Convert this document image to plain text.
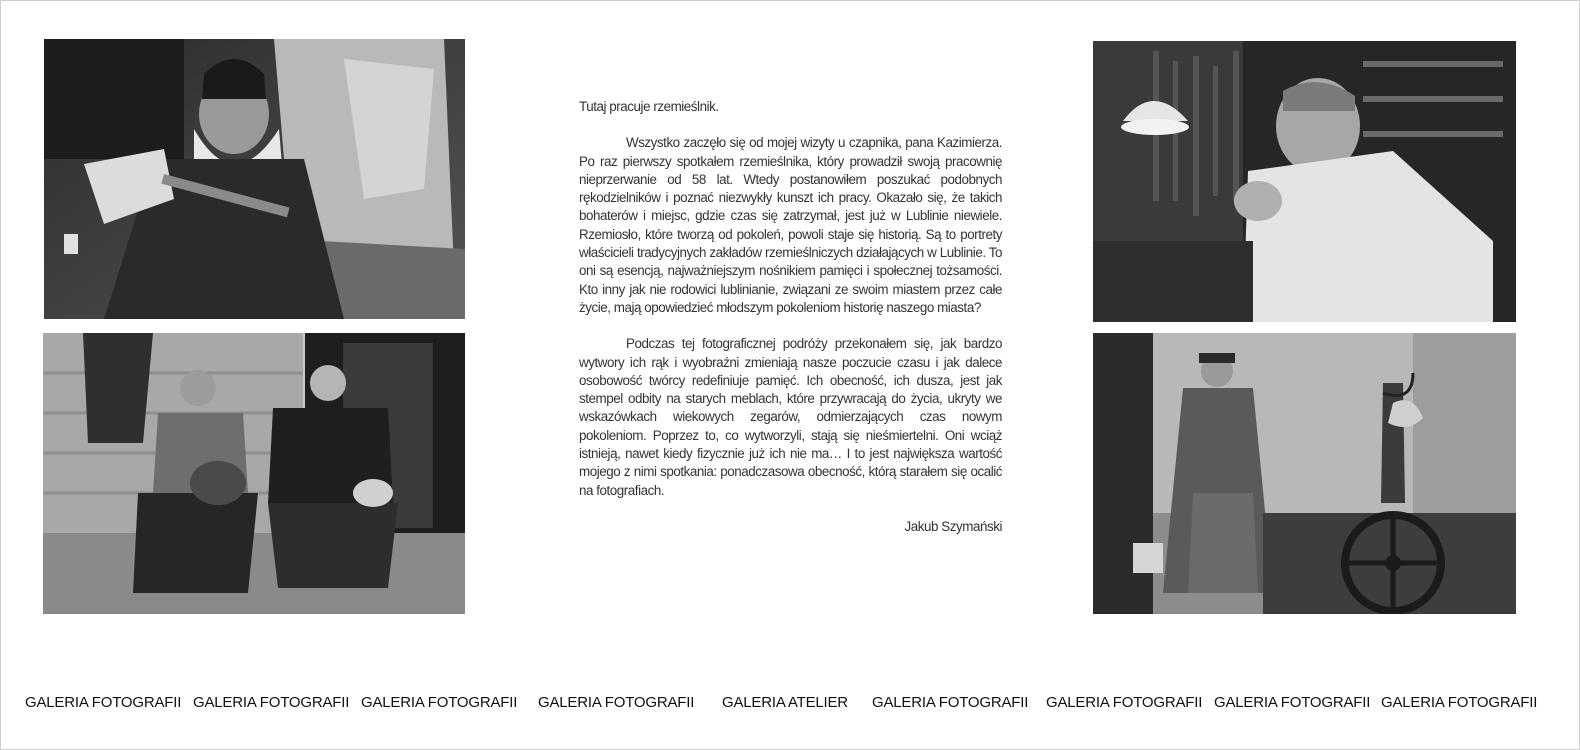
Tutaj pracuje rzemieślnik.

Wszystko zaczęło się od mojej wizyty u czapnika, pana Kazimierza. Po raz pierwszy spotkałem rzemieślnika, który prowadził swoją pracownię nieprzerwanie od 58 lat. Wtedy postanowiłem poszukać podobnych rękodzielników i poznać niezwykły kunszt ich pracy. Okazało się, że takich bohaterów i miejsc, gdzie czas się zatrzymał, jest już w Lublinie niewiele. Rzemiosło, które tworzą od pokoleń, powoli staje się historią. Są to portrety właścicieli tradycyjnych zakładów rzemieślniczych działających w Lublinie. To oni są esencją, najważniejszym nośnikiem pamięci i społecznej tożsamości. Kto inny jak nie rodowici lublinianie, związani ze swoim miastem przez całe życie, mają opowiedzieć młodszym pokoleniom historię naszego miasta?

Podczas tej fotograficznej podróży przekonałem się, jak bardzo wytwory ich rąk i wyobraźni zmieniają nasze poczucie czasu i jak dalece osobowość twórcy redefiniuje pamięć. Ich obecność, ich dusza, jest jak stempel odbity na starych meblach, które przywracają do życia, ukryty we wskazówkach wiekowych zegarów, odmierzających czas nowym pokoleniom. Poprzez to, co wytworzyli, stają się nieśmiertelni. Oni wciąż istnieją, nawet kiedy fizycznie już ich nie ma… I to jest największa wartość mojego z nimi spotkania: ponadczasowa obecność, którą starałem się ocalić na fotografiach.

Jakub Szymański

GALERIA FOTOGRAFII GALERIA FOTOGRAFII GALERIA FOTOGRAFII GALERIA FOTOGRAFII GALERIA ATELIER GALERIA FOTOGRAFII GALERIA FOTOGRAFII GALERIA FOTOGRAFII GALERIA FOTOGRAFII
